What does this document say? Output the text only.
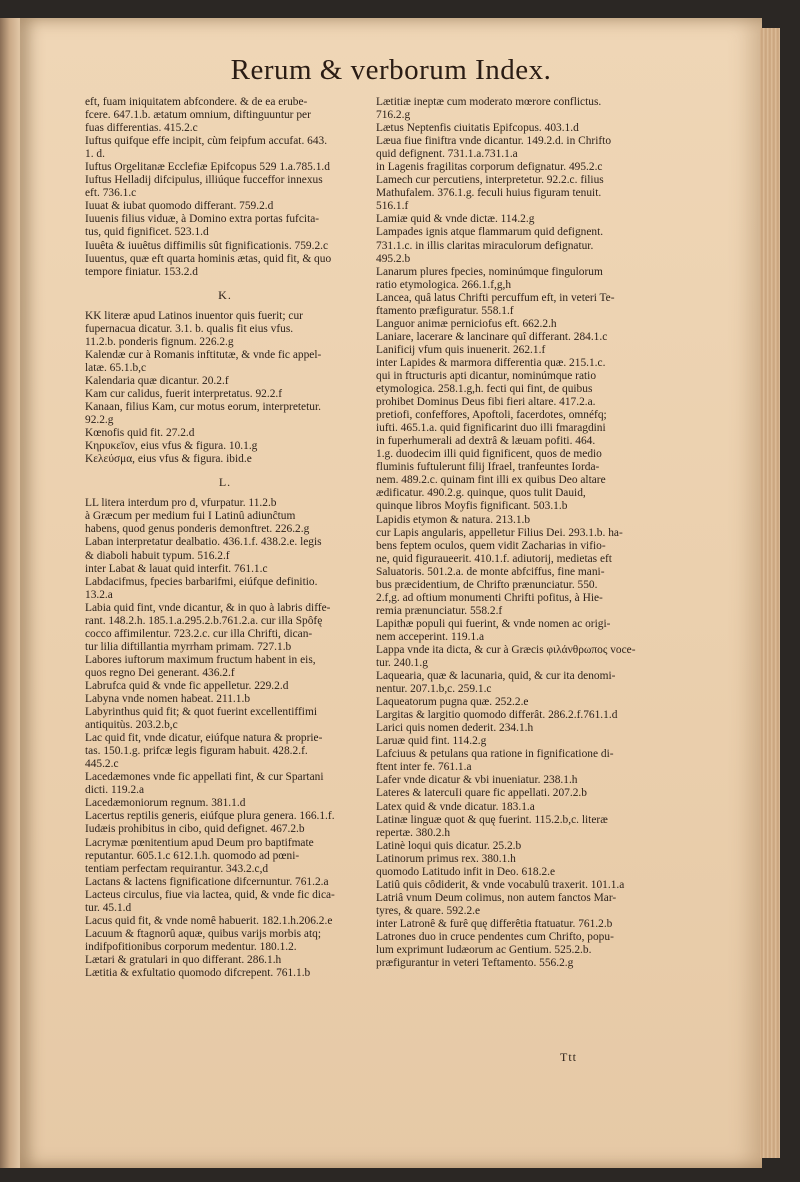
Rerum & verborum Index.

eft, fuam iniquitatem abfcondere. & de ea erube-

fcere. 647.1.b. ætatum omnium, diftinguuntur per

fuas differentias. 415.2.c

Iuftus quifque effe incipit, cùm feipfum accufat. 643.

1. d.

Iuftus Orgelitanæ Ecclefiæ Epifcopus 529 1.a.785.1.d

Iuftus Helladij difcipulus, illiúque fucceffor innexus

eft. 736.1.c

Iuuat & iubat quomodo differant. 759.2.d

Iuuenis filius viduæ, à Domino extra portas fufcita-

tus, quid fignificet. 523.1.d

Iuuêta & iuuêtus diffimilis sût fignificationis. 759.2.c

Iuuentus, quæ eft quarta hominis ætas, quid fit, & quo

tempore finiatur. 153.2.d

K.

KK literæ apud Latinos inuentor quis fuerit; cur

fupernacua dicatur. 3.1. b. qualis fit eius vfus.

11.2.b. ponderis fignum. 226.2.g

Kalendæ cur à Romanis inftitutæ, & vnde fic appel-

latæ. 65.1.b,c

Kalendaria quæ dicantur. 20.2.f

Kam cur calidus, fuerit interpretatus. 92.2.f

Kanaan, filius Kam, cur motus eorum, interpretetur.

92.2.g

Kœnofis quid fit. 27.2.d

Κηρυκεῖον, eius vfus & figura. 10.1.g

Κελεύσμα, eius vfus & figura. ibid.e

L.

LL litera interdum pro d, vfurpatur. 11.2.b

à Græcum per medium fui I Latinû adiunĉtum

habens, quod genus ponderis demonftret. 226.2.g

Laban interpretatur dealbatio. 436.1.f. 438.2.e. legis

& diaboli habuit typum. 516.2.f

inter Labat & lauat quid interfit. 761.1.c

Labdacifmus, fpecies barbarifmi, eiúfque definitio.

13.2.a

Labia quid fint, vnde dicantur, & in quo à labris diffe-

rant. 148.2.h. 185.1.a.295.2.b.761.2.a. cur illa Spôfę

cocco affimilentur. 723.2.c. cur illa Chrifti, dican-

tur lilia diftillantia myrrham primam. 727.1.b

Labores iuftorum maximum fructum habent in eis,

quos regno Dei generant. 436.2.f

Labrufca quid & vnde fic appelletur. 229.2.d

Labyna vnde nomen habeat. 211.1.b

Labyrinthus quid fit; & quot fuerint excellentiffimi

antiquitùs. 203.2.b,c

Lac quid fit, vnde dicatur, eiúfque natura & proprie-

tas. 150.1.g. prifcæ legis figuram habuit. 428.2.f.

445.2.c

Lacedæmones vnde fic appellati fint, & cur Spartani

dicti. 119.2.a

Lacedæmoniorum regnum. 381.1.d

Lacertus reptilis generis, eiúfque plura genera. 166.1.f.

Iudæis prohibitus in cibo, quid defignet. 467.2.b

Lacrymæ pœnitentium apud Deum pro baptifmate

reputantur. 605.1.c 612.1.h. quomodo ad pœni-

tentiam perfectam requirantur. 343.2.c,d

Lactans & lactens fignificatione difcernuntur. 761.2.a

Lacteus circulus, fiue via lactea, quid, & vnde fic dica-

tur. 45.1.d

Lacus quid fit, & vnde nomê habuerit. 182.1.h.206.2.e

Lacuum & ftagnorû aquæ, quibus varijs morbis atq;

indifpofitionibus corporum medentur. 180.1.2.

Lætari & gratulari in quo differant. 286.1.h

Lætitia & exfultatio quomodo difcrepent. 761.1.b

Lætitiæ ineptæ cum moderato mœrore conflictus.

716.2.g

Lætus Neptenfis ciuitatis Epifcopus. 403.1.d

Læua fiue finiftra vnde dicantur. 149.2.d. in Chrifto

quid defignent. 731.1.a.731.1.a

in Lagenis fragilitas corporum defignatur. 495.2.c

Lamech cur percutiens, interpretetur. 92.2.c. filius

Mathufalem. 376.1.g. feculi huius figuram tenuit.

516.1.f

Lamiæ quid & vnde dictæ. 114.2.g

Lampades ignis atque flammarum quid defignent.

731.1.c. in illis claritas miraculorum defignatur.

495.2.b

Lanarum plures fpecies, nominúmque fingulorum

ratio etymologica. 266.1.f,g,h

Lancea, quâ latus Chrifti percuffum eft, in veteri Te-

ftamento præfiguratur. 558.1.f

Languor animæ perniciofus eft. 662.2.h

Laniare, lacerare & lancinare quî differant. 284.1.c

Lanificij vfum quis inuenerit. 262.1.f

inter Lapides & marmora differentia quæ. 215.1.c.

qui in ftructuris apti dicantur, nominúmque ratio

etymologica. 258.1.g,h. fecti qui fint, de quibus

prohibet Dominus Deus fibi fieri altare. 417.2.a.

pretiofi, confeffores, Apoftoli, facerdotes, omnéfq;

iufti. 465.1.a. quid fignificarint duo illi fmaragdini

in fuperhumerali ad dextrâ & læuam pofiti. 464.

1.g. duodecim illi quid fignificent, quos de medio

fluminis fuftulerunt filij Ifrael, tranfeuntes Iorda-

nem. 489.2.c. quinam fint illi ex quibus Deo altare

ædificatur. 490.2.g. quinque, quos tulit Dauid,

quinque libros Moyfis fignificant. 503.1.b

Lapidis etymon & natura. 213.1.b

cur Lapis angularis, appelletur Filius Dei. 293.1.b. ha-

bens feptem oculos, quem vidit Zacharias in vifio-

ne, quid figuraueerit. 410.1.f. adiutorij, medietas eft

Saluatoris. 501.2.a. de monte abfciffus, fine mani-

bus præcidentium, de Chrifto prænunciatur. 550.

2.f,g. ad oftium monumenti Chrifti pofitus, à Hie-

remia prænunciatur. 558.2.f

Lapithæ populi qui fuerint, & vnde nomen ac origi-

nem acceperint. 119.1.a

Lappa vnde ita dicta, & cur à Græcis φιλάνθρωπος voce-

tur. 240.1.g

Laquearia, quæ & lacunaria, quid, & cur ita denomi-

nentur. 207.1.b,c. 259.1.c

Laqueatorum pugna quæ. 252.2.e

Largitas & largitio quomodo differât. 286.2.f.761.1.d

Larici quis nomen dederit. 234.1.h

Laruæ quid fint. 114.2.g

Lafciuus & petulans qua ratione in fignificatione di-

ftent inter fe. 761.1.a

Lafer vnde dicatur & vbi inueniatur. 238.1.h

Lateres & latercuIi quare fic appellati. 207.2.b

Latex quid & vnde dicatur. 183.1.a

Latinæ linguæ quot & quę fuerint. 115.2.b,c. literæ

repertæ. 380.2.h

Latinè loqui quis dicatur. 25.2.b

Latinorum primus rex. 380.1.h

quomodo Latitudo infit in Deo. 618.2.e

Latiû quis côdiderit, & vnde vocabulû traxerit. 101.1.a

Latriâ vnum Deum colimus, non autem fanctos Mar-

tyres, & quare. 592.2.e

inter Latronê & furê quę differêtia ftatuatur. 761.2.b

Latrones duo in cruce pendentes cum Chrifto, popu-

lum exprimunt Iudæorum ac Gentium. 525.2.b.

præfigurantur in veteri Teftamento. 556.2.g

Ttt
